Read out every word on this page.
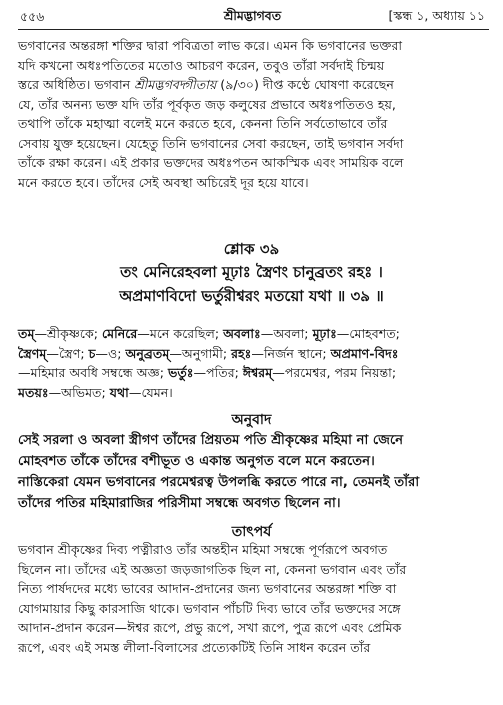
৫৫৬	শ্রীমদ্ভাগবত	[স্কন্ধ ১, অধ্যায় ১১

ভগবানের অন্তরঙ্গা শক্তির দ্বারা পবিত্রতা লাভ করে। এমন কি ভগবানের ভক্তরা

যদি কখনো অধঃপতিতের মতোও আচরণ করেন, তবুও তাঁরা সর্বদাই চিন্ময়

স্তরে অধিষ্ঠিত। ভগবান শ্রীমদ্ভগবদ্গীতায় (৯/৩০) দীপ্ত কণ্ঠে ঘোষণা করেছেন

যে, তাঁর অনন্য ভক্ত যদি তাঁর পূর্বকৃত জড় কলুষের প্রভাবে অধঃপতিতও হয়,

তথাপি তাঁকে মহাত্মা বলেই মনে করতে হবে, কেননা তিনি সর্বতোভাবে তাঁর

সেবায় যুক্ত হয়েছেন। যেহেতু তিনি ভগবানের সেবা করছেন, তাই ভগবান সর্বদা

তাঁকে রক্ষা করেন। এই প্রকার ভক্তদের অধঃপতন আকস্মিক এবং সাময়িক বলে

মনে করতে হবে। তাঁদের সেই অবস্থা অচিরেই দূর হয়ে যাবে।

শ্লোক ৩৯

তং মেনিরেহবলা মূঢ়াঃ স্ত্রৈণং চানুব্রতং রহঃ ।

অপ্রমাণবিদো ভর্তুরীশ্বরং মতয়ো যথা ॥ ৩৯ ॥

তম্—শ্রীকৃষ্ণকে; মেনিরে—মনে করেছিল; অবলাঃ—অবলা; মূঢ়াঃ—মোহবশত;

স্ত্রৈণম্—স্ত্রৈণ; চ—ও; অনুব্রতম্—অনুগামী; রহঃ—নির্জন স্থানে; অপ্রমাণ-বিদঃ

—মহিমার অবধি সম্বন্ধে অজ্ঞ; ভর্তুঃ—পতির; ঈশ্বরম্—পরমেশ্বর, পরম নিয়ন্তা;

মতয়ঃ—অভিমত; যথা—যেমন।

অনুবাদ

সেই সরলা ও অবলা স্ত্রীগণ তাঁদের প্রিয়তম পতি শ্রীকৃষ্ণের মহিমা না জেনে

মোহবশত তাঁকে তাঁদের বশীভূত ও একান্ত অনুগত বলে মনে করতেন।

নাস্তিকেরা যেমন ভগবানের পরমেশ্বরত্ব উপলব্ধি করতে পারে না, তেমনই তাঁরা

তাঁদের পতির মহিমারাজির পরিসীমা সম্বন্ধে অবগত ছিলেন না।

তাৎপর্য

ভগবান শ্রীকৃষ্ণের দিব্য পত্নীরাও তাঁর অন্তহীন মহিমা সম্বন্ধে পূর্ণরূপে অবগত

ছিলেন না। তাঁদের এই অজ্ঞতা জড়জাগতিক ছিল না, কেননা ভগবান এবং তাঁর

নিত্য পার্ষদদের মধ্যে ভাবের আদান-প্রদানের জন্য ভগবানের অন্তরঙ্গা শক্তি বা

যোগমায়ার কিছু কারসাজি থাকে। ভগবান পাঁচটি দিব্য ভাবে তাঁর ভক্তদের সঙ্গে

আদান-প্রদান করেন—ঈশ্বর রূপে, প্রভু রূপে, সখা রূপে, পুত্র রূপে এবং প্রেমিক

রূপে, এবং এই সমস্ত লীলা-বিলাসের প্রত্যেকটিই তিনি সাধন করেন তাঁর
